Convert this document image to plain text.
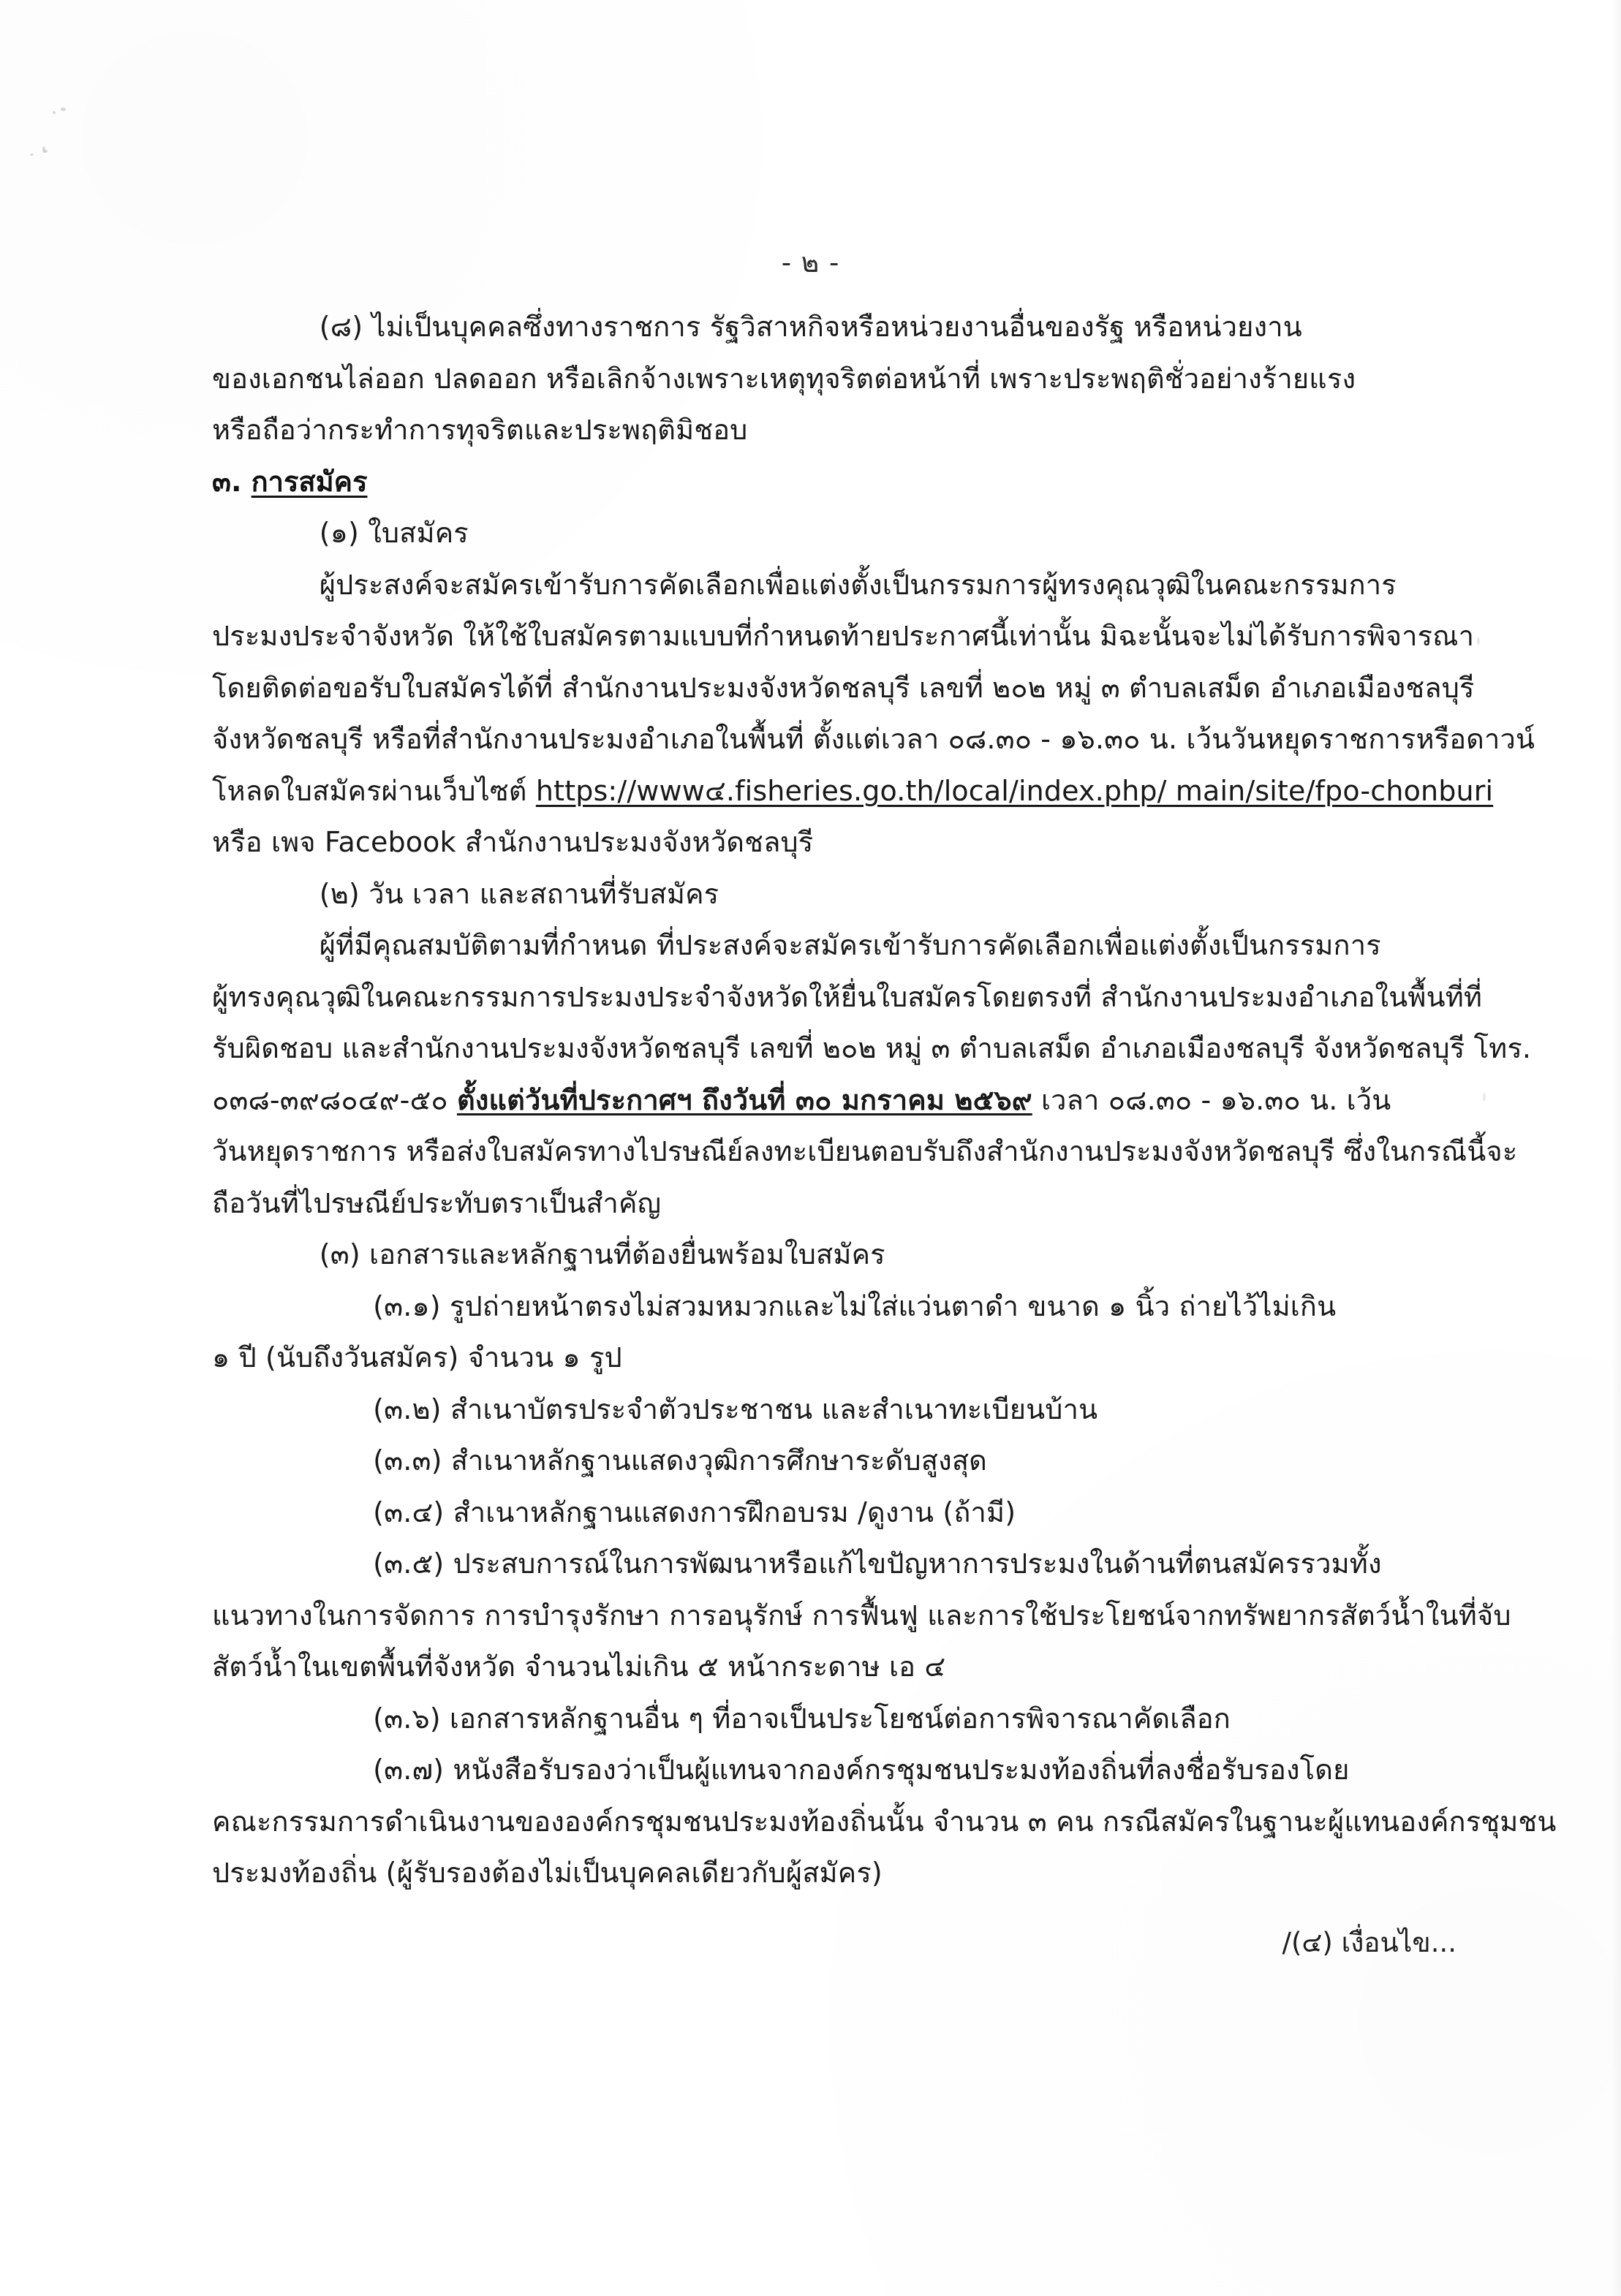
- ๒ -
(๘) ไม่เป็นบุคคลซึ่งทางราชการ รัฐวิสาหกิจหรือหน่วยงานอื่นของรัฐ หรือหน่วยงาน
ของเอกชนไล่ออก ปลดออก หรือเลิกจ้างเพราะเหตุทุจริตต่อหน้าที่ เพราะประพฤติชั่วอย่างร้ายแรง
หรือถือว่ากระทำการทุจริตและประพฤติมิชอบ
๓. การสมัคร
(๑) ใบสมัคร
ผู้ประสงค์จะสมัครเข้ารับการคัดเลือกเพื่อแต่งตั้งเป็นกรรมการผู้ทรงคุณวุฒิในคณะกรรมการ
ประมงประจำจังหวัด ให้ใช้ใบสมัครตามแบบที่กำหนดท้ายประกาศนี้เท่านั้น มิฉะนั้นจะไม่ได้รับการพิจารณา
โดยติดต่อขอรับใบสมัครได้ที่ สำนักงานประมงจังหวัดชลบุรี เลขที่ ๒๐๒ หมู่ ๓ ตำบลเสม็ด อำเภอเมืองชลบุรี
จังหวัดชลบุรี หรือที่สำนักงานประมงอำเภอในพื้นที่ ตั้งแต่เวลา ๐๘.๓๐ - ๑๖.๓๐ น. เว้นวันหยุดราชการหรือดาวน์
โหลดใบสมัครผ่านเว็บไซต์ https://www๔.fisheries.go.th/local/index.php/ main/site/fpo-chonburi
หรือ เพจ Facebook สำนักงานประมงจังหวัดชลบุรี
(๒) วัน เวลา และสถานที่รับสมัคร
ผู้ที่มีคุณสมบัติตามที่กำหนด ที่ประสงค์จะสมัครเข้ารับการคัดเลือกเพื่อแต่งตั้งเป็นกรรมการ
ผู้ทรงคุณวุฒิในคณะกรรมการประมงประจำจังหวัดให้ยื่นใบสมัครโดยตรงที่ สำนักงานประมงอำเภอในพื้นที่ที่
รับผิดชอบ และสำนักงานประมงจังหวัดชลบุรี เลขที่ ๒๐๒ หมู่ ๓ ตำบลเสม็ด อำเภอเมืองชลบุรี จังหวัดชลบุรี โทร.
๐๓๘-๓๙๘๐๔๙-๕๐ ตั้งแต่วันที่ประกาศฯ ถึงวันที่ ๓๐ มกราคม ๒๕๖๙ เวลา ๐๘.๓๐ - ๑๖.๓๐ น. เว้น
วันหยุดราชการ หรือส่งใบสมัครทางไปรษณีย์ลงทะเบียนตอบรับถึงสำนักงานประมงจังหวัดชลบุรี ซึ่งในกรณีนี้จะ
ถือวันที่ไปรษณีย์ประทับตราเป็นสำคัญ
(๓) เอกสารและหลักฐานที่ต้องยื่นพร้อมใบสมัคร
(๓.๑) รูปถ่ายหน้าตรงไม่สวมหมวกและไม่ใส่แว่นตาดำ ขนาด ๑ นิ้ว ถ่ายไว้ไม่เกิน
๑ ปี (นับถึงวันสมัคร) จำนวน ๑ รูป
(๓.๒) สำเนาบัตรประจำตัวประชาชน และสำเนาทะเบียนบ้าน
(๓.๓) สำเนาหลักฐานแสดงวุฒิการศึกษาระดับสูงสุด
(๓.๔) สำเนาหลักฐานแสดงการฝึกอบรม /ดูงาน (ถ้ามี)
(๓.๕) ประสบการณ์ในการพัฒนาหรือแก้ไขปัญหาการประมงในด้านที่ตนสมัครรวมทั้ง
แนวทางในการจัดการ การบำรุงรักษา การอนุรักษ์ การฟื้นฟู และการใช้ประโยชน์จากทรัพยากรสัตว์น้ำในที่จับ
สัตว์น้ำในเขตพื้นที่จังหวัด จำนวนไม่เกิน ๕ หน้ากระดาษ เอ ๔
(๓.๖) เอกสารหลักฐานอื่น ๆ ที่อาจเป็นประโยชน์ต่อการพิจารณาคัดเลือก
(๓.๗) หนังสือรับรองว่าเป็นผู้แทนจากองค์กรชุมชนประมงท้องถิ่นที่ลงชื่อรับรองโดย
คณะกรรมการดำเนินงานขององค์กรชุมชนประมงท้องถิ่นนั้น จำนวน ๓ คน กรณีสมัครในฐานะผู้แทนองค์กรชุมชน
ประมงท้องถิ่น (ผู้รับรองต้องไม่เป็นบุคคลเดียวกับผู้สมัคร)
/(๔) เงื่อนไข...
